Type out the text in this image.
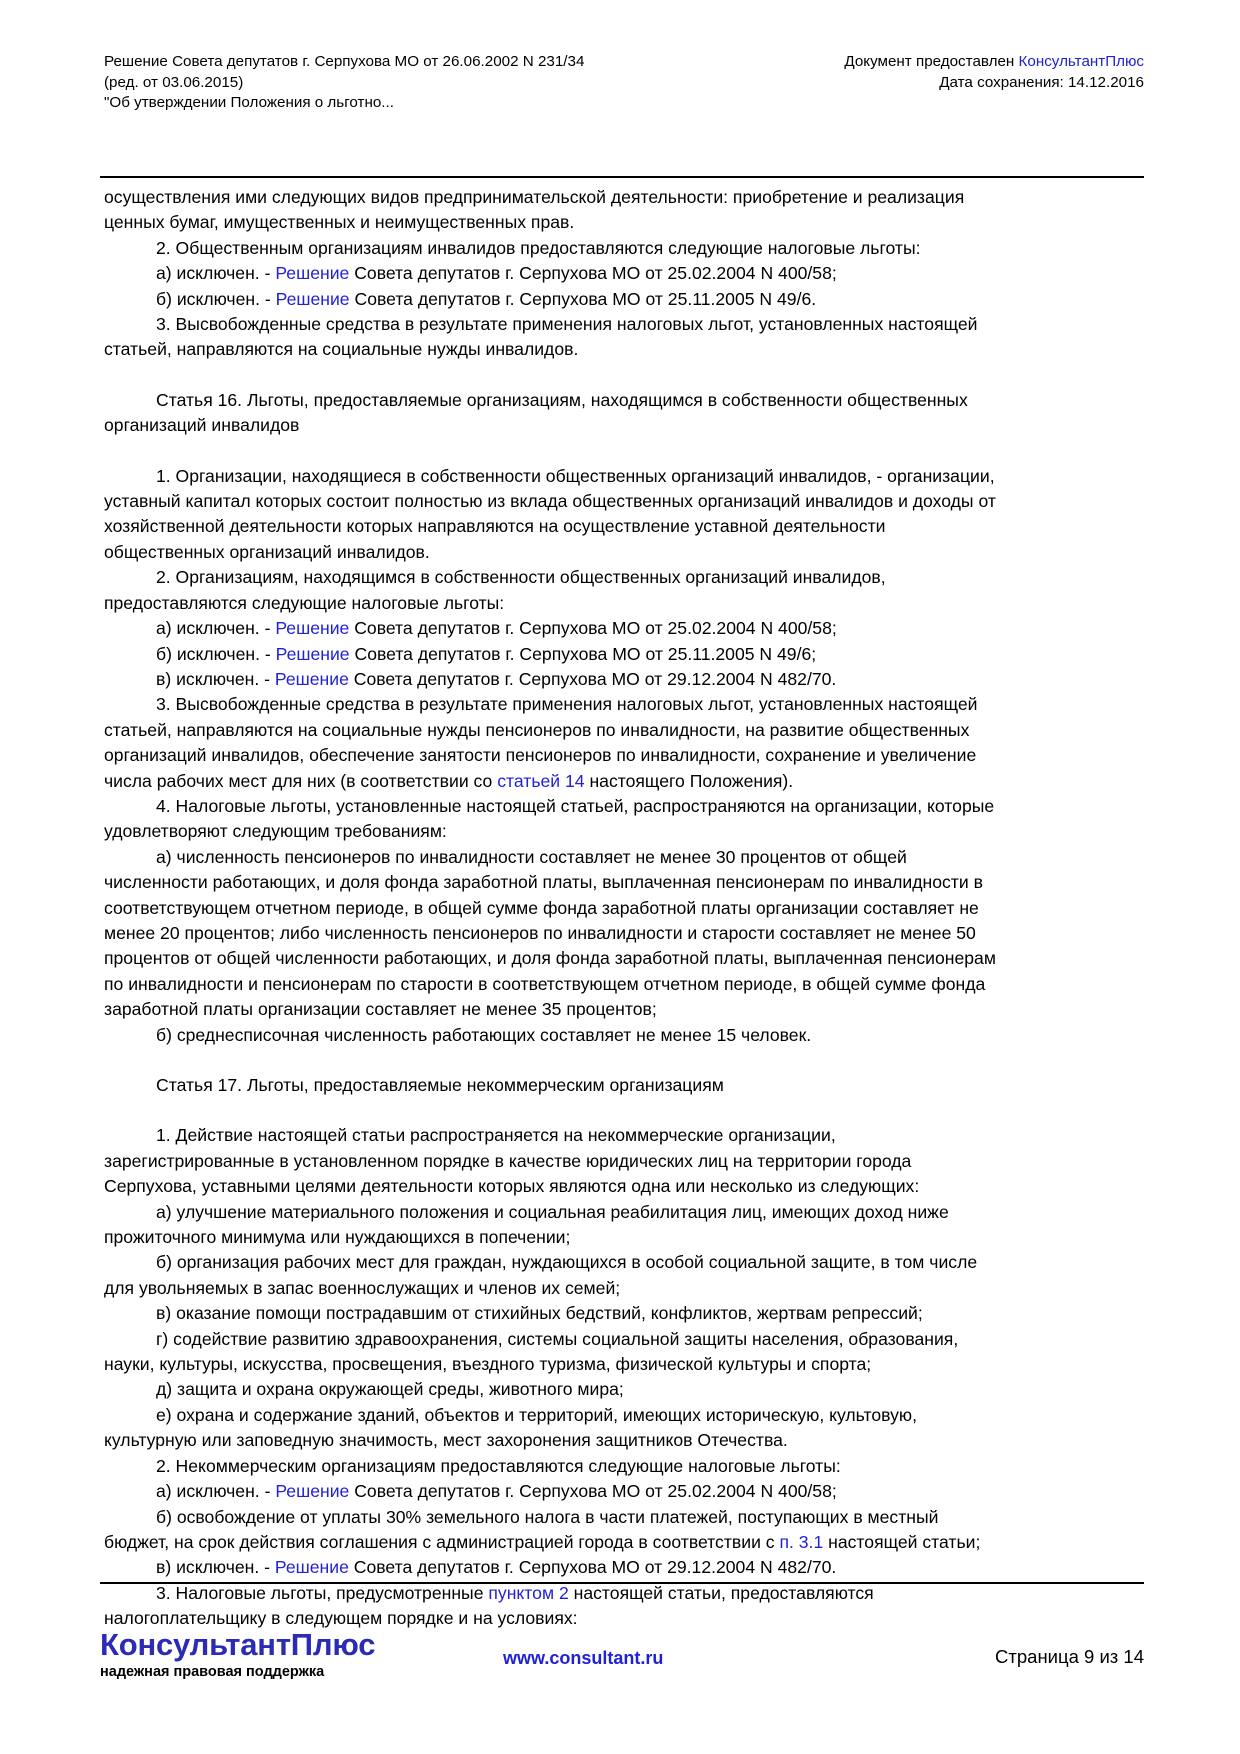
Решение Совета депутатов г. Серпухова МО от 26.06.2002 N 231/34
(ред. от 03.06.2015)
"Об утверждении Положения о льготно...
Документ предоставлен КонсультантПлюс
Дата сохранения: 14.12.2016

осуществления ими следующих видов предпринимательской деятельности: приобретение и реализация

ценных бумаг, имущественных и неимущественных прав.

2. Общественным организациям инвалидов предоставляются следующие налоговые льготы:

а) исключен. - Решение Совета депутатов г. Серпухова МО от 25.02.2004 N 400/58;

б) исключен. - Решение Совета депутатов г. Серпухова МО от 25.11.2005 N 49/6.

3. Высвобожденные средства в результате применения налоговых льгот, установленных настоящей

статьей, направляются на социальные нужды инвалидов.

Статья 16. Льготы, предоставляемые организациям, находящимся в собственности общественных

организаций инвалидов

1. Организации, находящиеся в собственности общественных организаций инвалидов, - организации,

уставный капитал которых состоит полностью из вклада общественных организаций инвалидов и доходы от

хозяйственной деятельности которых направляются на осуществление уставной деятельности

общественных организаций инвалидов.

2. Организациям, находящимся в собственности общественных организаций инвалидов,

предоставляются следующие налоговые льготы:

а) исключен. - Решение Совета депутатов г. Серпухова МО от 25.02.2004 N 400/58;

б) исключен. - Решение Совета депутатов г. Серпухова МО от 25.11.2005 N 49/6;

в) исключен. - Решение Совета депутатов г. Серпухова МО от 29.12.2004 N 482/70.

3. Высвобожденные средства в результате применения налоговых льгот, установленных настоящей

статьей, направляются на социальные нужды пенсионеров по инвалидности, на развитие общественных

организаций инвалидов, обеспечение занятости пенсионеров по инвалидности, сохранение и увеличение

числа рабочих мест для них (в соответствии со статьей 14 настоящего Положения).

4. Налоговые льготы, установленные настоящей статьей, распространяются на организации, которые

удовлетворяют следующим требованиям:

а) численность пенсионеров по инвалидности составляет не менее 30 процентов от общей

численности работающих, и доля фонда заработной платы, выплаченная пенсионерам по инвалидности в

соответствующем отчетном периоде, в общей сумме фонда заработной платы организации составляет не

менее 20 процентов; либо численность пенсионеров по инвалидности и старости составляет не менее 50

процентов от общей численности работающих, и доля фонда заработной платы, выплаченная пенсионерам

по инвалидности и пенсионерам по старости в соответствующем отчетном периоде, в общей сумме фонда

заработной платы организации составляет не менее 35 процентов;

б) среднесписочная численность работающих составляет не менее 15 человек.

Статья 17. Льготы, предоставляемые некоммерческим организациям

1. Действие настоящей статьи распространяется на некоммерческие организации,

зарегистрированные в установленном порядке в качестве юридических лиц на территории города

Серпухова, уставными целями деятельности которых являются одна или несколько из следующих:

а) улучшение материального положения и социальная реабилитация лиц, имеющих доход ниже

прожиточного минимума или нуждающихся в попечении;

б) организация рабочих мест для граждан, нуждающихся в особой социальной защите, в том числе

для увольняемых в запас военнослужащих и членов их семей;

в) оказание помощи пострадавшим от стихийных бедствий, конфликтов, жертвам репрессий;

г) содействие развитию здравоохранения, системы социальной защиты населения, образования,

науки, культуры, искусства, просвещения, въездного туризма, физической культуры и спорта;

д) защита и охрана окружающей среды, животного мира;

е) охрана и содержание зданий, объектов и территорий, имеющих историческую, культовую,

культурную или заповедную значимость, мест захоронения защитников Отечества.

2. Некоммерческим организациям предоставляются следующие налоговые льготы:

а) исключен. - Решение Совета депутатов г. Серпухова МО от 25.02.2004 N 400/58;

б) освобождение от уплаты 30% земельного налога в части платежей, поступающих в местный

бюджет, на срок действия соглашения с администрацией города в соответствии с п. 3.1 настоящей статьи;

в) исключен. - Решение Совета депутатов г. Серпухова МО от 29.12.2004 N 482/70.

3. Налоговые льготы, предусмотренные пунктом 2 настоящей статьи, предоставляются

налогоплательщику в следующем порядке и на условиях:

КонсультантПлюс
надежная правовая поддержка
www.consultant.ru	Страница 9 из 14
